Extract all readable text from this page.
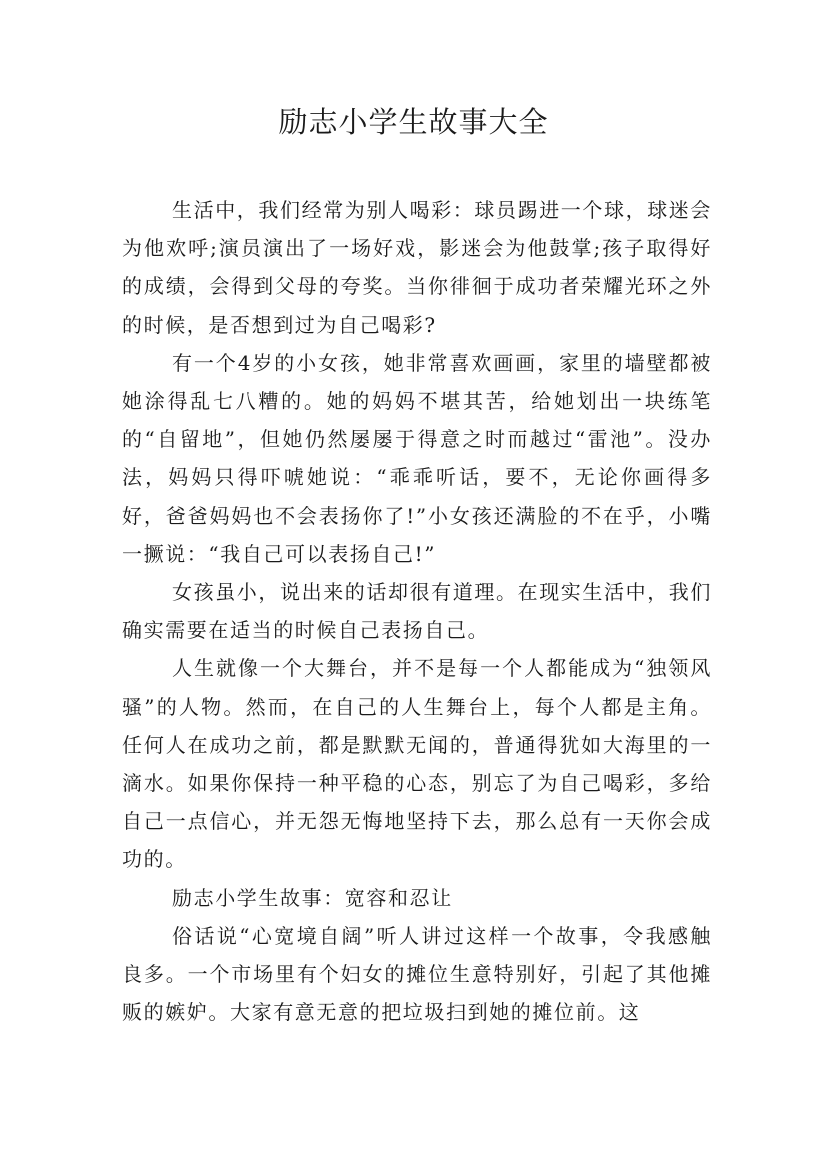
励志小学生故事大全

生活中，我们经常为别人喝彩：球员踢进一个球，球迷会为他欢呼;演员演出了一场好戏，影迷会为他鼓掌;孩子取得好的成绩，会得到父母的夸奖。当你徘徊于成功者荣耀光环之外的时候，是否想到过为自己喝彩?

有一个4岁的小女孩，她非常喜欢画画，家里的墙壁都被她涂得乱七八糟的。她的妈妈不堪其苦，给她划出一块练笔的“自留地”，但她仍然屡屡于得意之时而越过“雷池”。没办法，妈妈只得吓唬她说：“乖乖听话，要不，无论你画得多好，爸爸妈妈也不会表扬你了!”小女孩还满脸的不在乎，小嘴一撅说：“我自己可以表扬自己!”

女孩虽小，说出来的话却很有道理。在现实生活中，我们确实需要在适当的时候自己表扬自己。

人生就像一个大舞台，并不是每一个人都能成为“独领风骚”的人物。然而，在自己的人生舞台上，每个人都是主角。任何人在成功之前，都是默默无闻的，普通得犹如大海里的一滴水。如果你保持一种平稳的心态，别忘了为自己喝彩，多给自己一点信心，并无怨无悔地坚持下去，那么总有一天你会成功的。

励志小学生故事：宽容和忍让

俗话说“心宽境自阔”听人讲过这样一个故事，令我感触良多。一个市场里有个妇女的摊位生意特别好，引起了其他摊贩的嫉妒。大家有意无意的把垃圾扫到她的摊位前。这
